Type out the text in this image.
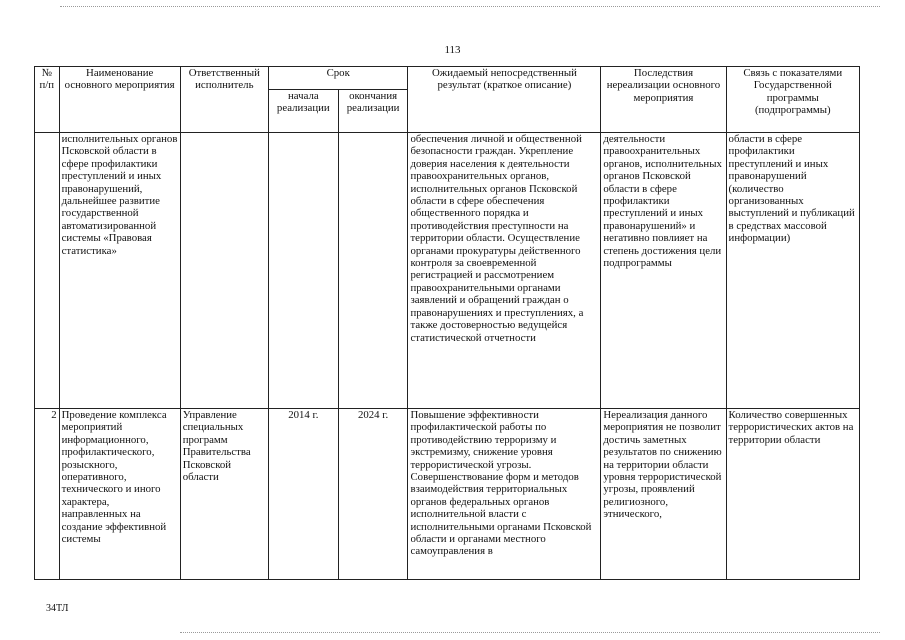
113
№ п/п	Наименование основного мероприятия	Ответственный исполнитель	Срок		Ожидаемый непосредственный результат (краткое описание)	Последствия нереализации основного мероприятия	Связь с показателями Государственной программы (подпрограммы)
			начала реализации	окончания реализации			
	исполнительных органов Псковской области в сфере профилактики преступлений и иных правонарушений, дальнейшее развитие государственной автоматизированной системы «Правовая статистика»				обеспечения личной и общественной безопасности граждан. Укрепление доверия населения к деятельности правоохранительных органов, исполнительных органов Псковской области в сфере обеспечения общественного порядка и противодействия преступности на территории области. Осуществление органами прокуратуры действенного контроля за своевременной регистрацией и рассмотрением правоохранительными органами заявлений и обращений граждан о правонарушениях и преступлениях, а также достоверностью ведущейся статистической отчетности	деятельности правоохранительных органов, исполнительных органов Псковской области в сфере профилактики преступлений и иных правонарушений» и негативно повлияет на степень достижения цели подпрограммы	области в сфере профилактики преступлений и иных правонарушений (количество организованных выступлений и публикаций в средствах массовой информации)
2	Проведение комплекса мероприятий информационного, профилактического, розыскного, оперативного, технического и иного характера, направленных на создание эффективной системы	Управление специальных программ Правительства Псковской области	2014 г.	2024 г.	Повышение эффективности профилактической работы по противодействию терроризму и экстремизму, снижение уровня террористической угрозы. Совершенствование форм и методов взаимодействия территориальных органов федеральных органов исполнительной власти с исполнительными органами Псковской области и органами местного самоуправления в	Нереализация данного мероприятия не позволит достичь заметных результатов по снижению на территории области уровня террористической угрозы, проявлений религиозного, этнического,	Количество совершенных террористических актов на территории области
34ТЛ
